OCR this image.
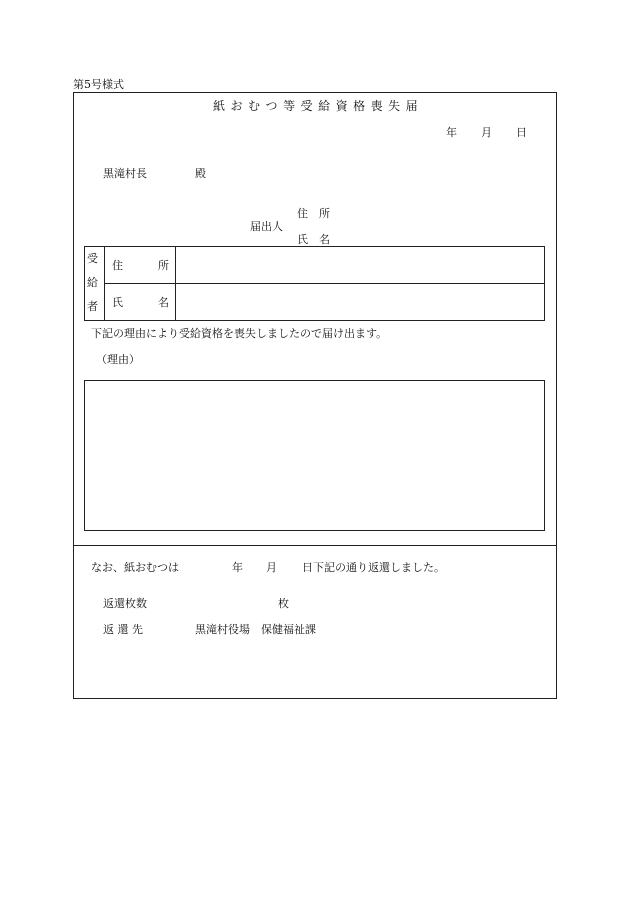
第5号様式
紙 お む つ 等 受 給 資 格 喪 失 届
年 月 日
黒滝村長	殿
住　所
届出人
氏　名
受
給
者
住	所
氏	名
下記の理由により受給資格を喪失しましたので届け出ます。
（理由）
なお、紙おむつは	年 月 日下記の通り返還しました。
返還枚数	枚
返 還 先	黒滝村役場　保健福祉課
